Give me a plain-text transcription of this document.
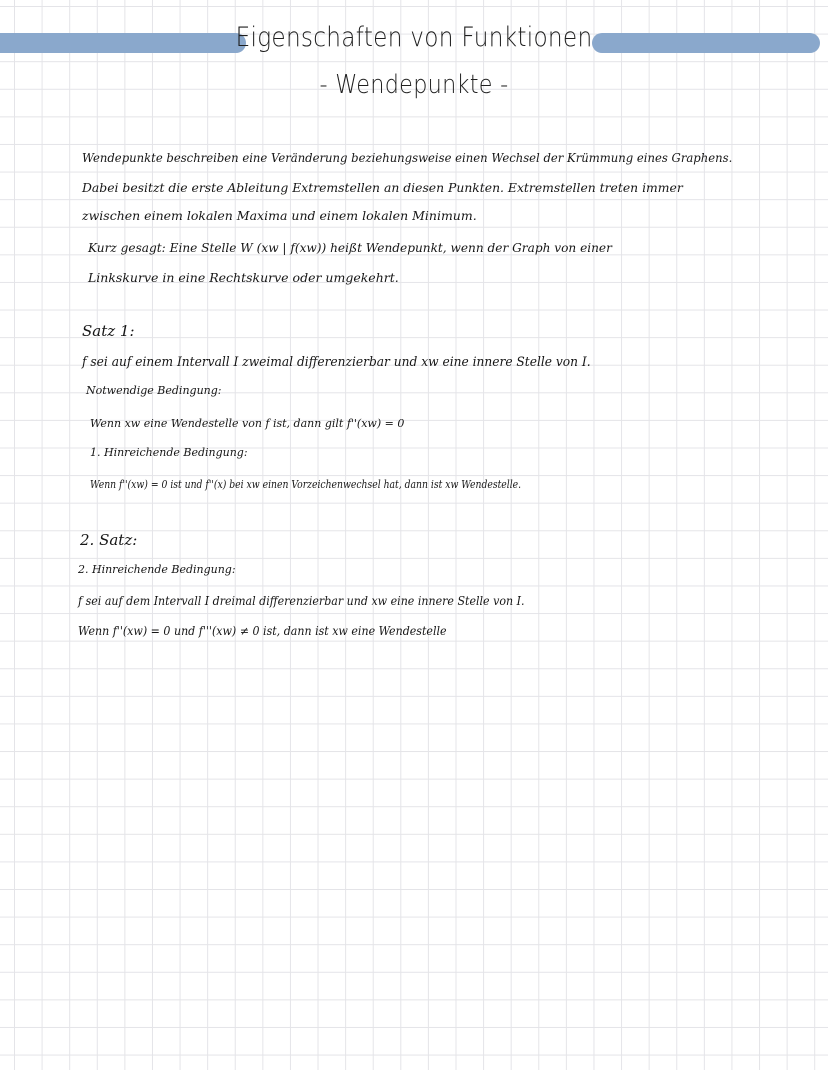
Eigenschaften von Funktionen
- Wendepunkte -
Wendepunkte beschreiben eine Veränderung beziehungsweise einen Wechsel der Krümmung eines Graphens.
Dabei besitzt die erste Ableitung Extremstellen an diesen Punkten. Extremstellen treten immer
zwischen einem lokalen Maxima und einem lokalen Minimum.
Kurz gesagt: Eine Stelle W (xw | f(xw)) heißt Wendepunkt, wenn der Graph von einer
Linkskurve in eine Rechtskurve oder umgekehrt.
Satz 1:
f sei auf einem Intervall I zweimal differenzierbar und xw eine innere Stelle von I.
Notwendige Bedingung:
Wenn xw eine Wendestelle von f ist, dann gilt f''(xw) = 0
1. Hinreichende Bedingung:
Wenn f''(xw) = 0 ist und f''(x) bei xw einen Vorzeichenwechsel hat, dann ist xw Wendestelle.
2. Satz:
2. Hinreichende Bedingung:
f sei auf dem Intervall I dreimal differenzierbar und xw eine innere Stelle von I.
Wenn f''(xw) = 0 und f'''(xw) ≠ 0 ist, dann ist xw eine Wendestelle
